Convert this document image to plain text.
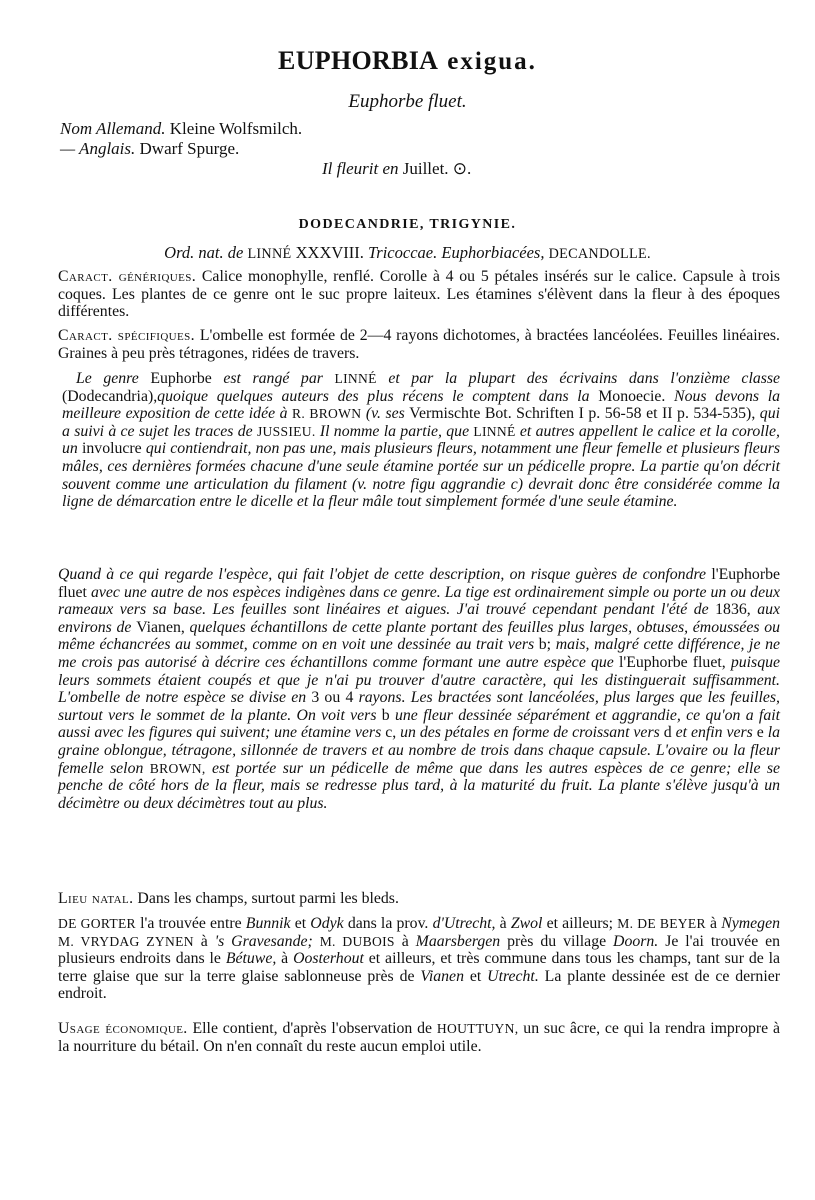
EUPHORBIA exigua.
Euphorbe fluet.
Nom Allemand. Kleine Wolfsmilch.
— Anglais. Dwarf Spurge.
Il fleurit en Juillet. ⊙.
DODECANDRIE, TRIGYNIE.
Ord. nat. de LINNÉ XXXVIII. Tricoccae. Euphorbiacées, DECANDOLLE.

Caract. génériques. Calice monophylle, renflé. Corolle à 4 ou 5 pétales insérés sur le calice. Capsule à trois coques. Les plantes de ce genre ont le suc propre laiteux. Les étamines s'élèvent dans la fleur à des époques différentes.

Caract. spécifiques. L'ombelle est formée de 2—4 rayons dichotomes, à bractées lancéolées. Feuilles linéaires. Graines à peu près tétragones, ridées de travers.

Le genre Euphorbe est rangé par LINNÉ et par la plupart des écrivains dans l'onzième classe (Dodecandria),quoique quelques auteurs des plus récens le comptent dans la Monoecie. Nous devons la meilleure exposition de cette idée à R. BROWN (v. ses Vermischte Bot. Schriften I p. 56-58 et II p. 534-535), qui a suivi à ce sujet les traces de JUSSIEU. Il nomme la partie, que LINNÉ et autres appellent le calice et la corolle, un involucre qui contiendrait, non pas une, mais plusieurs fleurs, notamment une fleur femelle et plusieurs fleurs mâles, ces dernières formées chacune d'une seule étamine portée sur un pédicelle propre. La partie qu'on décrit souvent comme une articulation du filament (v. notre figu aggrandie c) devrait donc être considérée comme la ligne de démarcation entre le dicelle et la fleur mâle tout simplement formée d'une seule étamine.

Quand à ce qui regarde l'espèce, qui fait l'objet de cette description, on risque guères de confondre l'Euphorbe fluet avec une autre de nos espèces indigènes dans ce genre. La tige est ordinairement simple ou porte un ou deux rameaux vers sa base. Les feuilles sont linéaires et aigues. J'ai trouvé cependant pendant l'été de 1836, aux environs de Vianen, quelques échantillons de cette plante portant des feuilles plus larges, obtuses, émoussées ou même échancrées au sommet, comme on en voit une dessinée au trait vers b; mais, malgré cette différence, je ne me crois pas autorisé à décrire ces échantillons comme formant une autre espèce que l'Euphorbe fluet, puisque leurs sommets étaient coupés et que je n'ai pu trouver d'autre caractère, qui les distinguerait suffisamment. L'ombelle de notre espèce se divise en 3 ou 4 rayons. Les bractées sont lancéolées, plus larges que les feuilles, surtout vers le sommet de la plante. On voit vers b une fleur dessinée séparément et aggrandie, ce qu'on a fait aussi avec les figures qui suivent; une étamine vers c, un des pétales en forme de croissant vers d et enfin vers e la graine oblongue, tétragone, sillonnée de travers et au nombre de trois dans chaque capsule. L'ovaire ou la fleur femelle selon BROWN, est portée sur un pédicelle de même que dans les autres espèces de ce genre; elle se penche de côté hors de la fleur, mais se redresse plus tard, à la maturité du fruit. La plante s'élève jusqu'à un décimètre ou deux décimètres tout au plus.

Lieu natal. Dans les champs, surtout parmi les bleds.

DE GORTER l'a trouvée entre Bunnik et Odyk dans la prov. d'Utrecht, à Zwol et ailleurs; M. DE BEYER à Nymegen M. VRYDAG ZYNEN à 's Gravesande; M. DUBOIS à Maarsbergen près du village Doorn. Je l'ai trouvée en plusieurs endroits dans le Bétuwe, à Oosterhout et ailleurs, et très commune dans tous les champs, tant sur de la terre glaise que sur la terre glaise sablonneuse près de Vianen et Utrecht. La plante dessinée est de ce dernier endroit.

Usage économique. Elle contient, d'après l'observation de HOUTTUYN, un suc âcre, ce qui la rendra impropre à la nourriture du bétail. On n'en connaît du reste aucun emploi utile.
